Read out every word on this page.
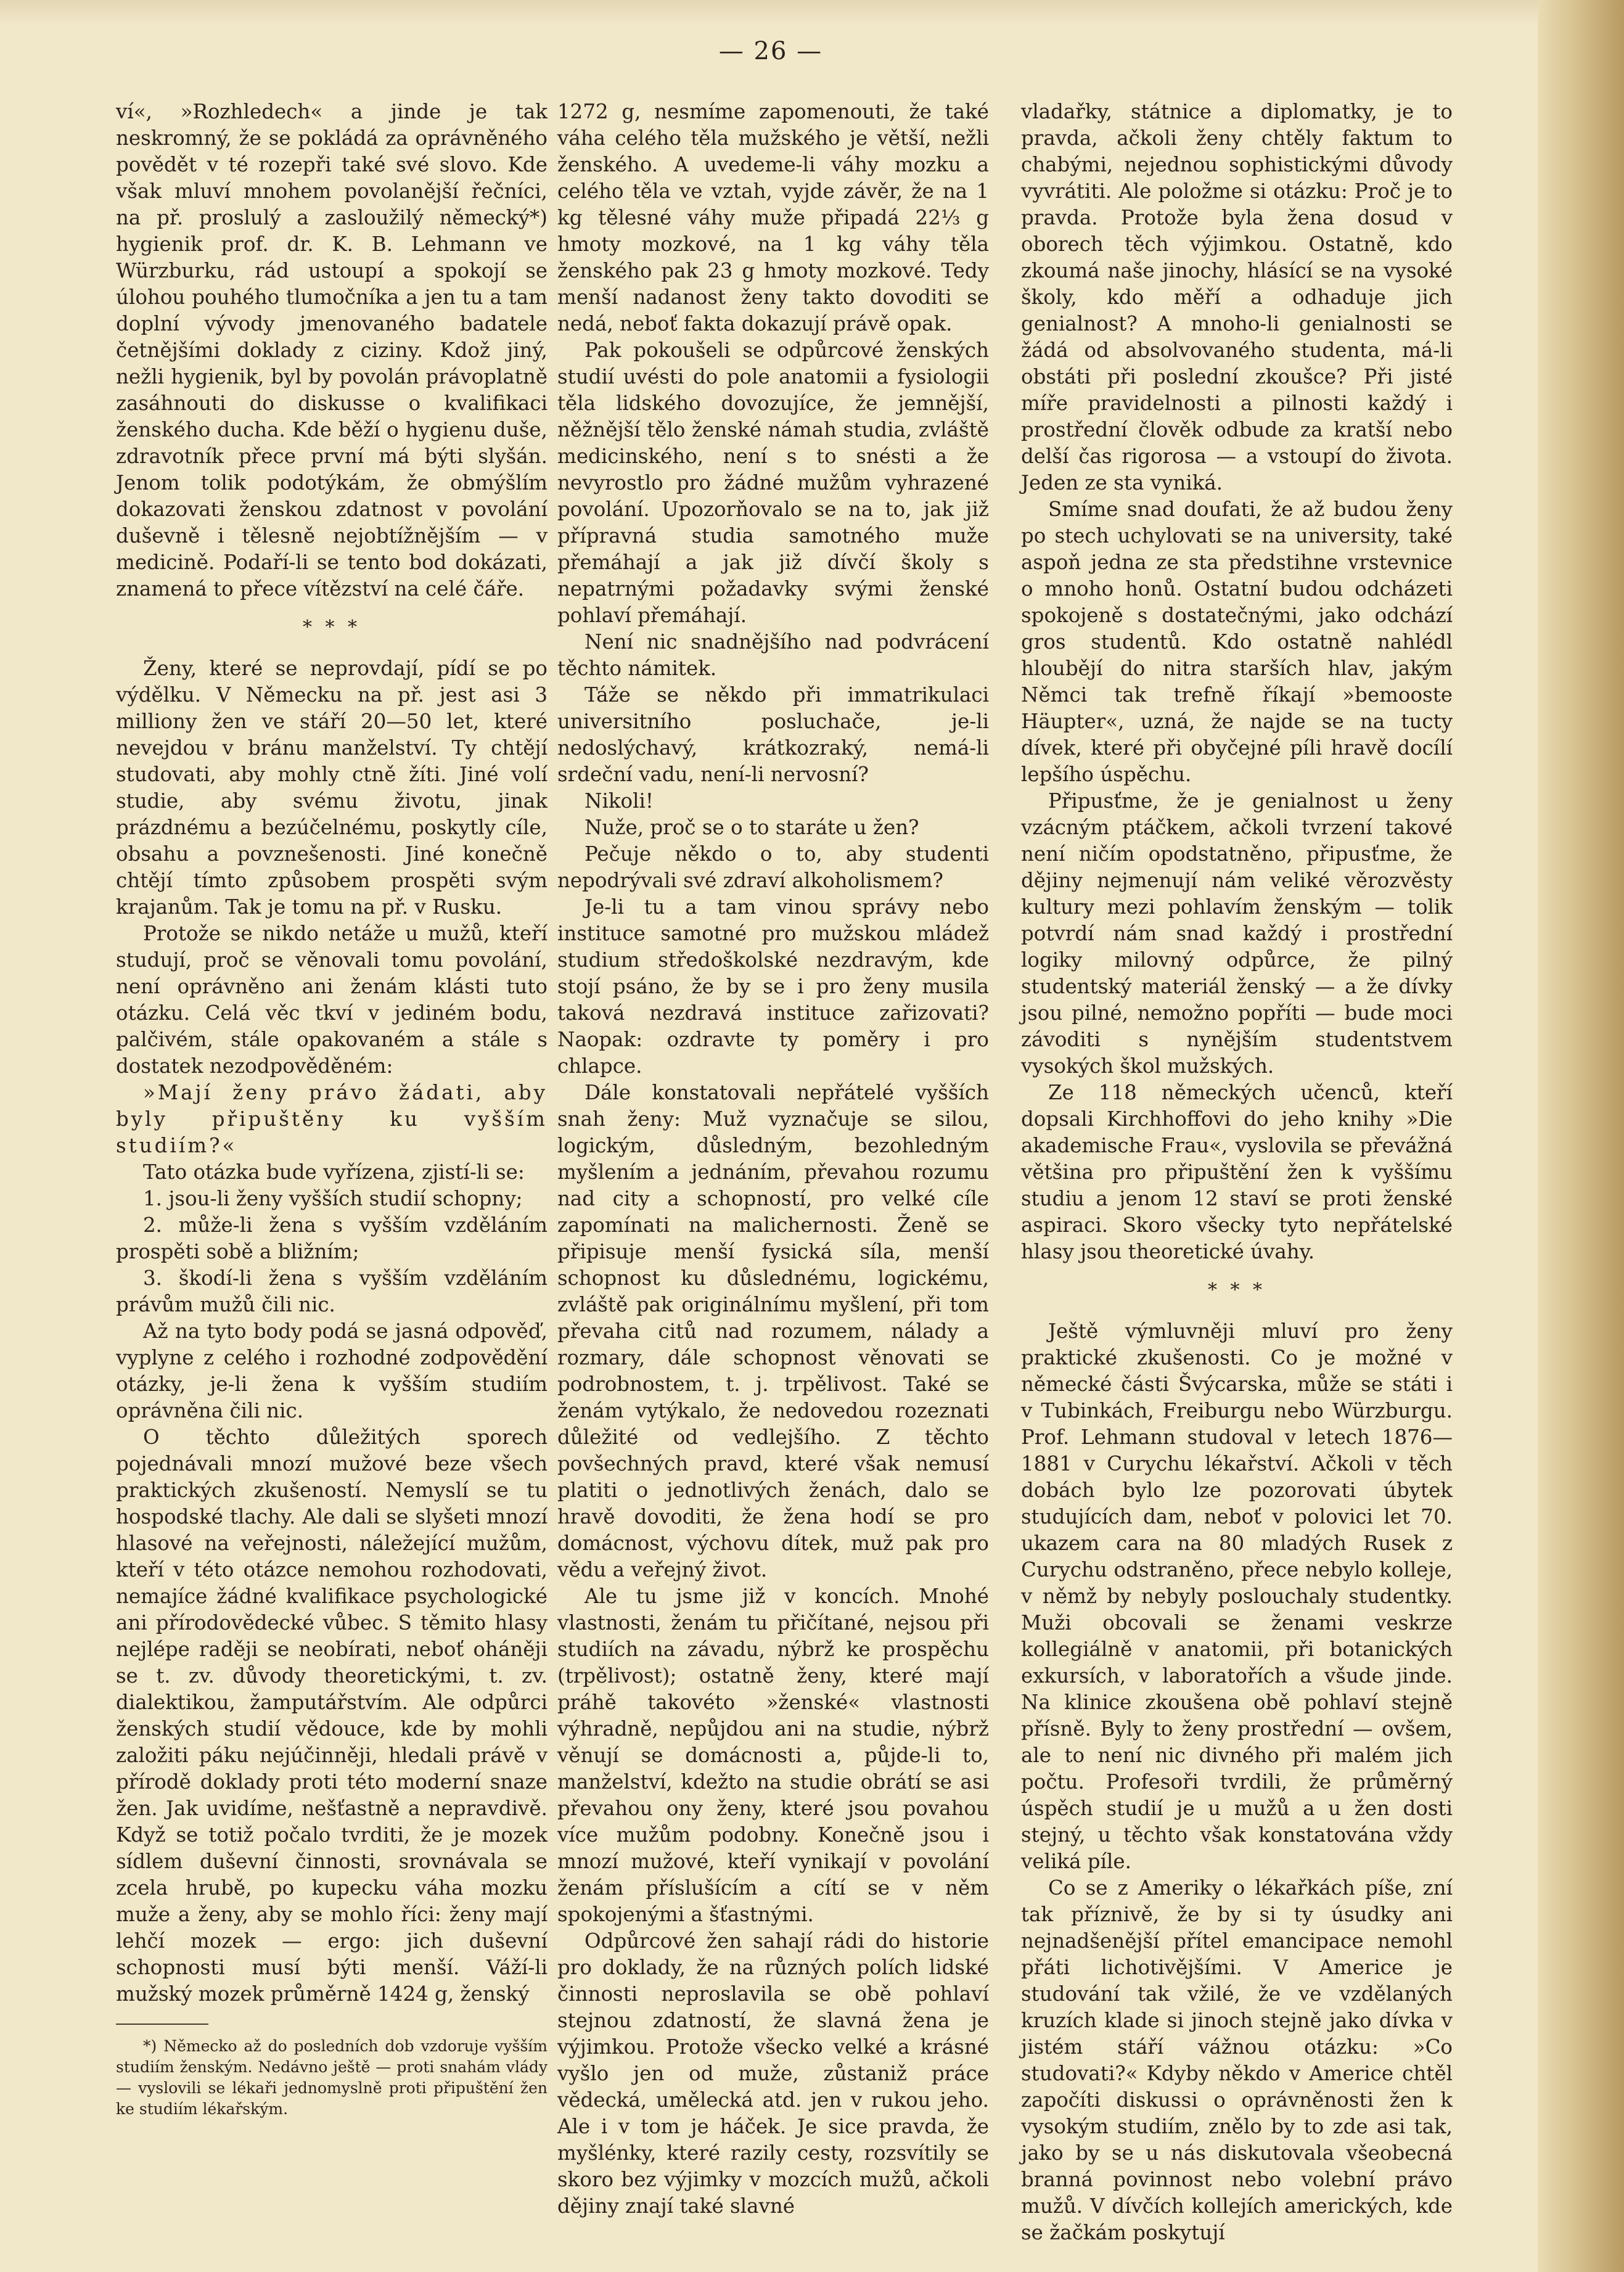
— 26 —

ví«, »Rozhledech« a jinde je tak neskromný, že se pokládá za oprávněného povědět v té rozepři také své slovo. Kde však mluví mnohem povolanější řečníci, na př. proslulý a zasloužilý německý*) hygienik prof. dr. K. B. Lehmann ve Würzburku, rád ustoupí a spokojí se úlohou pouhého tlumočníka a jen tu a tam doplní vývody jmenovaného badatele četnějšími doklady z ciziny. Kdož jiný, nežli hygienik, byl by povolán právoplatně zasáhnouti do diskusse o kvalifikaci ženského ducha. Kde běží o hygienu duše, zdravotník přece první má býti slyšán. Jenom tolik podotýkám, že obmýšlím dokazovati ženskou zdatnost v povolání duševně i tělesně nejobtížnějším — v medicině. Podaří-li se tento bod dokázati, znamená to přece vítězství na celé čáře.

* * *

Ženy, které se neprovdají, pídí se po výdělku. V Německu na př. jest asi 3 milliony žen ve stáří 20—50 let, které nevejdou v bránu manželství. Ty chtějí studovati, aby mohly ctně žíti. Jiné volí studie, aby svému životu, jinak prázdnému a bezúčelnému, poskytly cíle, obsahu a povznešenosti. Jiné konečně chtějí tímto způsobem prospěti svým krajanům. Tak je tomu na př. v Rusku.

Protože se nikdo netáže u mužů, kteří studují, proč se věnovali tomu povolání, není oprávněno ani ženám klásti tuto otázku. Celá věc tkví v jediném bodu, palčivém, stále opakovaném a stále s dostatek nezodpověděném:

»Mají ženy právo žádati, aby byly připuštěny ku vyšším studiím?«

Tato otázka bude vyřízena, zjistí-li se:

1. jsou-li ženy vyšších studií schopny;

2. může-li žena s vyšším vzděláním prospěti sobě a bližním;

3. škodí-li žena s vyšším vzděláním právům mužů čili nic.

Až na tyto body podá se jasná odpověď, vyplyne z celého i rozhodné zodpovědění otázky, je-li žena k vyšším studiím oprávněna čili nic.

O těchto důležitých sporech pojednávali mnozí mužové beze všech praktických zkušeností. Nemyslí se tu hospodské tlachy. Ale dali se slyšeti mnozí hlasové na veřejnosti, náležející mužům, kteří v této otázce nemohou rozhodovati, nemajíce žádné kvalifikace psychologické ani přírodovědecké vůbec. S těmito hlasy nejlépe raději se neobírati, neboť oháněji se t. zv. důvody theoretickými, t. zv. dialektikou, žamputářstvím. Ale odpůrci ženských studií vědouce, kde by mohli založiti páku nejúčinněji, hledali právě v přírodě doklady proti této moderní snaze žen. Jak uvidíme, nešťastně a nepravdivě. Když se totiž počalo tvrditi, že je mozek sídlem duševní činnosti, srovnávala se zcela hrubě, po kupecku váha mozku muže a ženy, aby se mohlo říci: ženy mají lehčí mozek — ergo: jich duševní schopnosti musí býti menší. Váží-li mužský mozek průměrně 1424 g, ženský

*) Německo až do posledních dob vzdoruje vyšším studiím ženským. Nedávno ještě — proti snahám vlády — vyslovili se lékaři jednomyslně proti připuštění žen ke studiím lékařským.

1272 g, nesmíme zapomenouti, že také váha celého těla mužského je větší, nežli ženského. A uvedeme-li váhy mozku a celého těla ve vztah, vyjde závěr, že na 1 kg tělesné váhy muže připadá 22⅓ g hmoty mozkové, na 1 kg váhy těla ženského pak 23 g hmoty mozkové. Tedy menší nadanost ženy takto dovoditi se nedá, neboť fakta dokazují právě opak.

Pak pokoušeli se odpůrcové ženských studií uvésti do pole anatomii a fysiologii těla lidského dovozujíce, že jemnější, něžnější tělo ženské námah studia, zvláště medicinského, není s to snésti a že nevyrostlo pro žádné mužům vyhrazené povolání. Upozorňovalo se na to, jak již přípravná studia samotného muže přemáhají a jak již dívčí školy s nepatrnými požadavky svými ženské pohlaví přemáhají.

Není nic snadnějšího nad podvrácení těchto námitek.

Táže se někdo při immatrikulaci universitního posluchače, je-li nedoslýchavý, krátkozraký, nemá-li srdeční vadu, není-li nervosní?

Nikoli!

Nuže, proč se o to staráte u žen?

Pečuje někdo o to, aby studenti nepodrývali své zdraví alkoholismem?

Je-li tu a tam vinou správy nebo instituce samotné pro mužskou mládež studium středoškolské nezdravým, kde stojí psáno, že by se i pro ženy musila taková nezdravá instituce zařizovati? Naopak: ozdravte ty poměry i pro chlapce.

Dále konstatovali nepřátelé vyšších snah ženy: Muž vyznačuje se silou, logickým, důsledným, bezohledným myšlením a jednáním, převahou rozumu nad city a schopností, pro velké cíle zapomínati na malichernosti. Ženě se připisuje menší fysická síla, menší schopnost ku důslednému, logickému, zvláště pak originálnímu myšlení, při tom převaha citů nad rozumem, nálady a rozmary, dále schopnost věnovati se podrobnostem, t. j. trpělivost. Také se ženám vytýkalo, že nedovedou rozeznati důležité od vedlejšího. Z těchto povšechných pravd, které však nemusí platiti o jednotlivých ženách, dalo se hravě dovoditi, že žena hodí se pro domácnost, výchovu dítek, muž pak pro vědu a veřejný život.

Ale tu jsme již v koncích. Mnohé vlastnosti, ženám tu přičítané, nejsou při studiích na závadu, nýbrž ke prospěchu (trpělivost); ostatně ženy, které mají práhě takovéto »ženské« vlastnosti výhradně, nepůjdou ani na studie, nýbrž věnují se domácnosti a, půjde-li to, manželství, kdežto na studie obrátí se asi převahou ony ženy, které jsou povahou více mužům podobny. Konečně jsou i mnozí mužové, kteří vynikají v povolání ženám příslušícím a cítí se v něm spokojenými a šťastnými.

Odpůrcové žen sahají rádi do historie pro doklady, že na různých polích lidské činnosti neproslavila se obě pohlaví stejnou zdatností, že slavná žena je výjimkou. Protože všecko velké a krásné vyšlo jen od muže, zůstaniž práce vědecká, umělecká atd. jen v rukou jeho. Ale i v tom je háček. Je sice pravda, že myšlénky, které razily cesty, rozsvítily se skoro bez výjimky v mozcích mužů, ačkoli dějiny znají také slavné

vladařky, státnice a diplomatky, je to pravda, ačkoli ženy chtěly faktum to chabými, nejednou sophistickými důvody vyvrátiti. Ale položme si otázku: Proč je to pravda. Protože byla žena dosud v oborech těch výjimkou. Ostatně, kdo zkoumá naše jinochy, hlásící se na vysoké školy, kdo měří a odhaduje jich genialnost? A mnoho-li genialnosti se žádá od absolvovaného studenta, má-li obstáti při poslední zkoušce? Při jisté míře pravidelnosti a pilnosti každý i prostřední člověk odbude za kratší nebo delší čas rigorosa — a vstoupí do života. Jeden ze sta vyniká.

Smíme snad doufati, že až budou ženy po stech uchylovati se na university, také aspoň jedna ze sta předstihne vrstevnice o mnoho honů. Ostatní budou odcházeti spokojeně s dostatečnými, jako odchází gros studentů. Kdo ostatně nahlédl hloubějí do nitra starších hlav, jakým Němci tak trefně říkají »bemooste Häupter«, uzná, že najde se na tucty dívek, které při obyčejné píli hravě docílí lepšího úspěchu.

Připusťme, že je genialnost u ženy vzácným ptáčkem, ačkoli tvrzení takové není ničím opodstatněno, připusťme, že dějiny nejmenují nám veliké věrozvěsty kultury mezi pohlavím ženským — tolik potvrdí nám snad každý i prostřední logiky milovný odpůrce, že pilný studentský materiál ženský — a že dívky jsou pilné, nemožno popříti — bude moci závoditi s nynějším studentstvem vysokých škol mužských.

Ze 118 německých učenců, kteří dopsali Kirchhoffovi do jeho knihy »Die akademische Frau«, vyslovila se převážná většina pro připuštění žen k vyššímu studiu a jenom 12 staví se proti ženské aspiraci. Skoro všecky tyto nepřátelské hlasy jsou theoretické úvahy.

* * *

Ještě výmluvněji mluví pro ženy praktické zkušenosti. Co je možné v německé části Švýcarska, může se státi i v Tubinkách, Freiburgu nebo Würzburgu. Prof. Lehmann studoval v letech 1876—1881 v Curychu lékařství. Ačkoli v těch dobách bylo lze pozorovati úbytek studujících dam, neboť v polovici let 70. ukazem cara na 80 mladých Rusek z Curychu odstraněno, přece nebylo kolleje, v němž by nebyly poslouchaly studentky. Muži obcovali se ženami veskrze kollegiálně v anatomii, při botanických exkursích, v laboratořích a všude jinde. Na klinice zkoušena obě pohlaví stejně přísně. Byly to ženy prostřední — ovšem, ale to není nic divného při malém jich počtu. Profesoři tvrdili, že průměrný úspěch studií je u mužů a u žen dosti stejný, u těchto však konstatována vždy veliká píle.

Co se z Ameriky o lékařkách píše, zní tak příznivě, že by si ty úsudky ani nejnadšenější přítel emancipace nemohl přáti lichotivějšími. V Americe je studování tak vžilé, že ve vzdělaných kruzích klade si jinoch stejně jako dívka v jistém stáří vážnou otázku: »Co studovati?« Kdyby někdo v Americe chtěl započíti diskussi o oprávněnosti žen k vysokým studiím, znělo by to zde asi tak, jako by se u nás diskutovala všeobecná branná povinnost nebo volební právo mužů. V dívčích kollejích amerických, kde se žačkám poskytují
